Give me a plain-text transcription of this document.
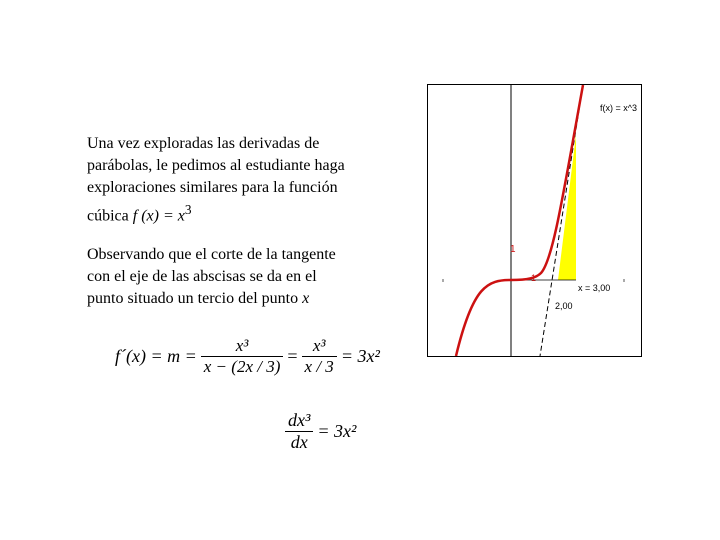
Una vez exploradas las derivadas de
parábolas, le pedimos al estudiante haga
exploraciones similares para la función
cúbica f $(x) = x^3$
Observando que el corte de la tangente
con el eje de las abscisas se da en el
punto situado un tercio del punto x
f´(x) = $m = \frac{\text{x³}}{x - (2x / 3)} = \frac{\text{x³}}{x / 3} = 3x^2$
$\frac{\text{dx³}}{dx} = 3x^2$
f(x) = x^3
1
1
x = 3,00
2,00
